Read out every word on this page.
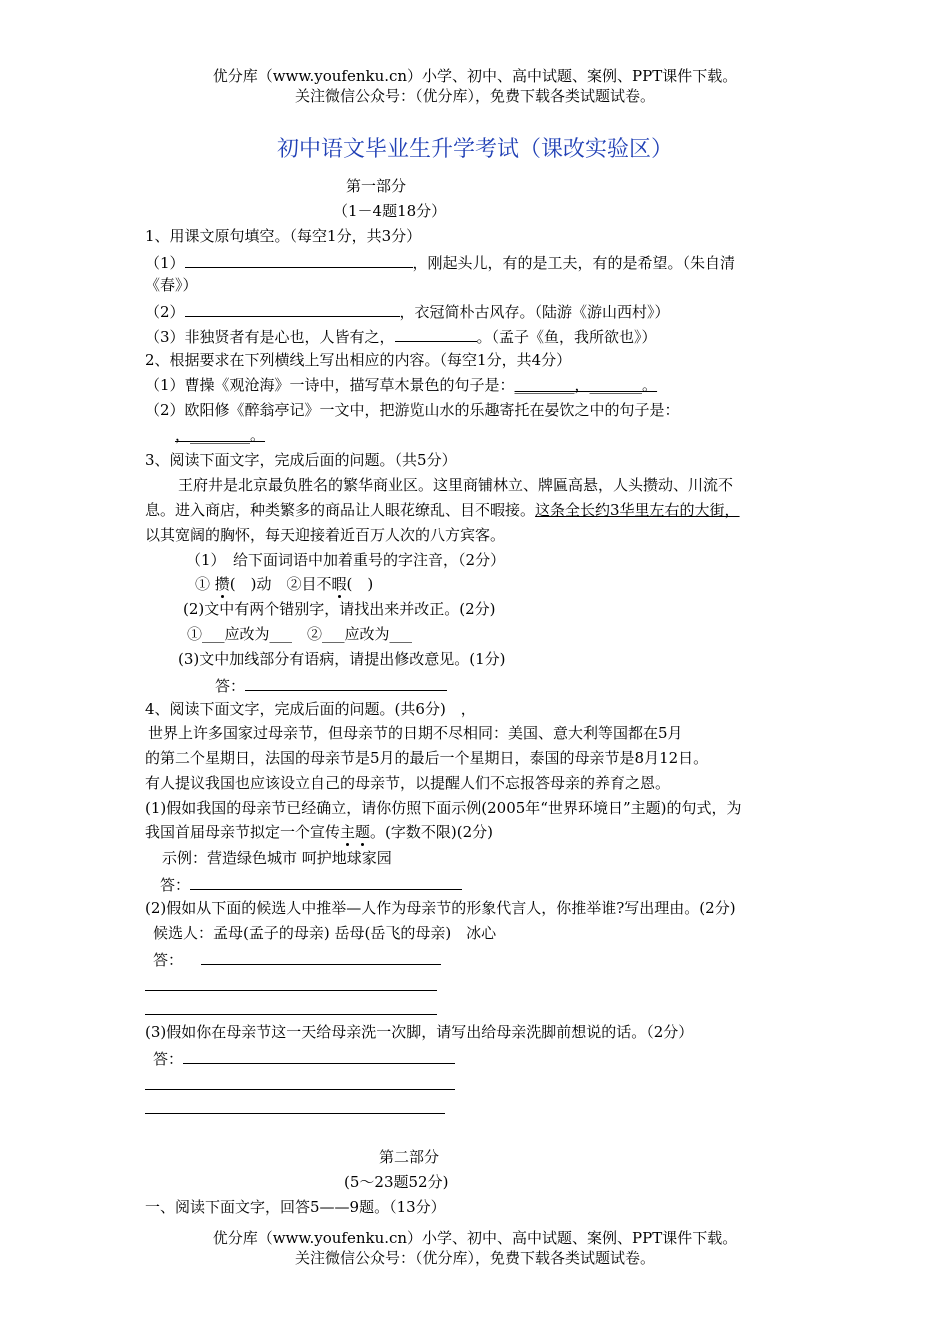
优分库（www.youfenku.cn）小学、初中、高中试题、案例、PPT课件下载。
关注微信公众号：（优分库），免费下载各类试题试卷。
初中语文毕业生升学考试（课改实验区）
第一部分
（1－4题18分）
1、用课文原句填空。（每空1分，共3分）
（1）	，刚起头儿，有的是工夫，有的是希望。（朱自清
《春》）
（2）	，衣冠简朴古风存。（陆游《游山西村》）
（3）非独贤者有是心也，人皆有之，	。（孟子《鱼，我所欲也》）
2、根据要求在下列横线上写出相应的内容。（每空1分，共4分）
（1）曹操《观沧海》一诗中，描写草木景色的句子是：________，_______。
（2）欧阳修《醉翁亭记》一文中，把游览山水的乐趣寄托在晏饮之中的句子是：
，________。
3、阅读下面文字，完成后面的问题。（共5分）
王府井是北京最负胜名的繁华商业区。这里商铺林立、牌匾高悬，人头攒动、川流不
息。进入商店，种类繁多的商品让人眼花缭乱、目不暇接。这条全长约3华里左右的大街，
以其宽阔的胸怀，每天迎接着近百万人次的八方宾客。
（1）　给下面词语中加着重号的字注音，（2分）
① 攒(　)动　②目不暇(　)
(2)文中有两个错别字，请找出来并改正。(2分)
①___应改为___　②___应改为___
(3)文中加线部分有语病，请提出修改意见。(1分)
答：
4、阅读下面文字，完成后面的问题。(共6分)　，
世界上许多国家过母亲节，但母亲节的日期不尽相同：美国、意大利等国都在5月
的第二个星期日，法国的母亲节是5月的最后一个星期日，泰国的母亲节是8月12日。
有人提议我国也应该设立自己的母亲节，以提醒人们不忘报答母亲的养育之恩。
(1)假如我国的母亲节已经确立，请你仿照下面示例(2005年“世界环境日”主题)的句式，为
我国首届母亲节拟定一个宣传主题。(字数不限)(2分)
示例：营造绿色城市 呵护地球家园
答：
(2)假如从下面的候选人中推举—人作为母亲节的形象代言人，你推举谁?写出理由。(2分)
候选人：孟母(孟子的母亲) 岳母(岳飞的母亲)　冰心
答：
(3)假如你在母亲节这一天给母亲洗一次脚，请写出给母亲洗脚前想说的话。（2分）
答：
第二部分
(5～23题52分)
一、阅读下面文字，回答5——9题。（13分）
优分库（www.youfenku.cn）小学、初中、高中试题、案例、PPT课件下载。
关注微信公众号：（优分库），免费下载各类试题试卷。
